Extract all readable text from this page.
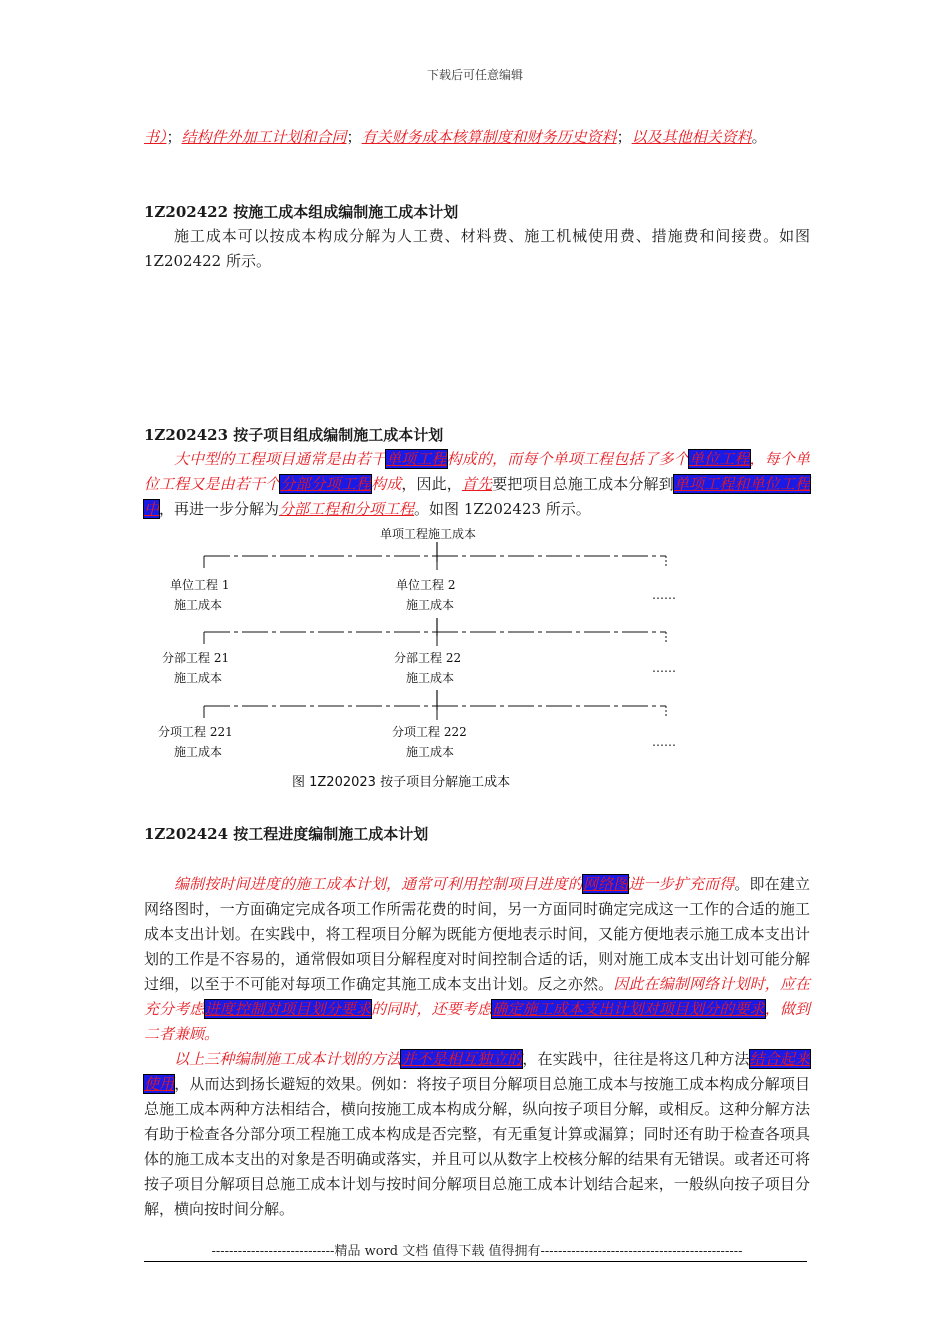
下载后可任意编辑

书）；结构件外加工计划和合同；有关财务成本核算制度和财务历史资料；以及其他相关资料。

1Z202422 按施工成本组成编制施工成本计划

施工成本可以按成本构成分解为人工费、材料费、施工机械使用费、措施费和间接费。如图 1Z202422 所示。

1Z202423 按子项目组成编制施工成本计划

大中型的工程项目通常是由若干单项工程构成的，而每个单项工程包括了多个单位工程，每个单位工程又是由若干个分部分项工程构成，因此，首先要把项目总施工成本分解到单项工程和单位工程中，再进一步分解为分部工程和分项工程。如图 1Z202423 所示。

单项工程施工成本
单位工程 1
施工成本
单位工程 2
施工成本
……
分部工程 21
施工成本
分部工程 22
施工成本
……
分项工程 221
施工成本
分项工程 222
施工成本
……
图 1Z202023 按子项目分解施工成本

1Z202424 按工程进度编制施工成本计划

编制按时间进度的施工成本计划，通常可利用控制项目进度的网络图进一步扩充而得。即在建立网络图时，一方面确定完成各项工作所需花费的时间，另一方面同时确定完成这一工作的合适的施工成本支出计划。在实践中，将工程项目分解为既能方便地表示时间，又能方便地表示施工成本支出计划的工作是不容易的，通常假如项目分解程度对时间控制合适的话，则对施工成本支出计划可能分解过细，以至于不可能对每项工作确定其施工成本支出计划。反之亦然。因此在编制网络计划时，应在充分考虑进度控制对项目划分要求的同时，还要考虑确定施工成本支出计划对项目划分的要求，做到二者兼顾。

以上三种编制施工成本计划的方法并不是相互独立的，在实践中，往往是将这几种方法结合起来使用，从而达到扬长避短的效果。例如：将按子项目分解项目总施工成本与按施工成本构成分解项目总施工成本两种方法相结合，横向按施工成本构成分解，纵向按子项目分解，或相反。这种分解方法有助于检查各分部分项工程施工成本构成是否完整，有无重复计算或漏算；同时还有助于检查各项具体的施工成本支出的对象是否明确或落实，并且可以从数字上校核分解的结果有无错误。或者还可将按子项目分解项目总施工成本计划与按时间分解项目总施工成本计划结合起来，一般纵向按子项目分解，横向按时间分解。

----------------------------精品 word 文档 值得下载 值得拥有----------------------------------------------
